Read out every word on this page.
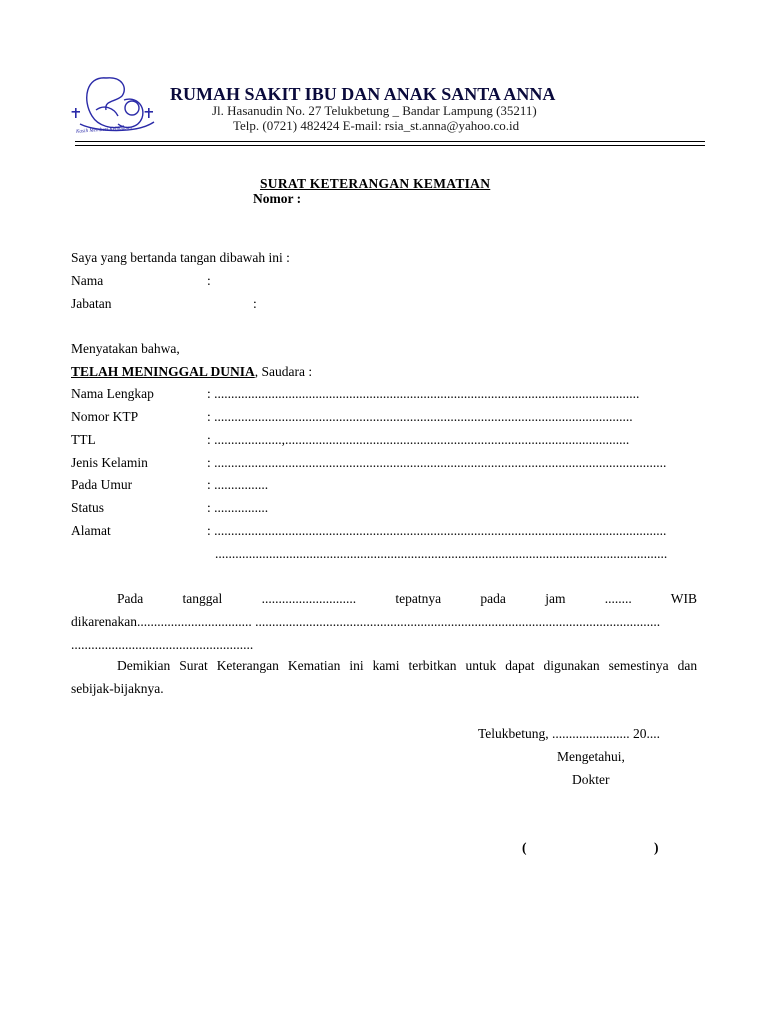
Kasih Memberi Kehidupan
RUMAH SAKIT IBU DAN ANAK SANTA ANNA
Jl. Hasanudin No. 27 Telukbetung _ Bandar Lampung (35211)
Telp. (0721) 482424 E-mail: rsia_st.anna@yahoo.co.id
SURAT KETERANGAN KEMATIAN
Nomor :
Saya yang bertanda tangan dibawah ini :
Nama	:
Jabatan	:
Menyatakan bahwa,
TELAH MENINGGAL DUNIA, Saudara :
Nama Lengkap	: ..............................................................................................................................
Nomor KTP	: ............................................................................................................................
TTL	: ....................,......................................................................................................
Jenis Kelamin	: ......................................................................................................................................
Pada Umur	: ................
Status	: ................
Alamat	: ......................................................................................................................................
......................................................................................................................................
Pada	tanggal	............................	tepatnya	pada	jam	........	WIB
dikarenakan.................................. ........................................................................................................................
......................................................
Demikian Surat Keterangan Kematian ini kami terbitkan untuk dapat digunakan semestinya dan
sebijak-bijaknya.
Telukbetung, ....................... 20....
Mengetahui,
Dokter
(	)
